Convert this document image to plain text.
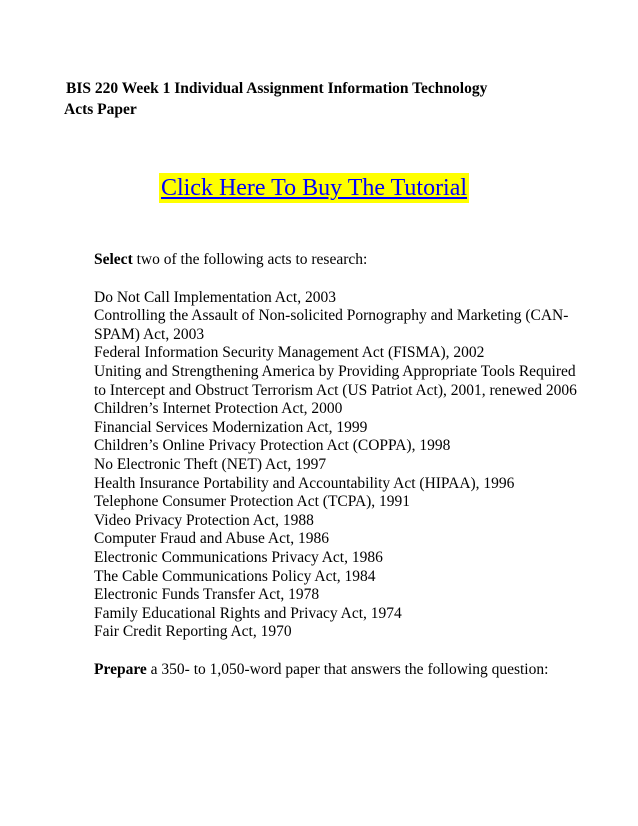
BIS 220 Week 1 Individual Assignment Information Technology
Acts Paper
Click Here To Buy The Tutorial

Select two of the following acts to research:

Do Not Call Implementation Act, 2003
Controlling the Assault of Non-solicited Pornography and Marketing (CAN-SPAM) Act, 2003
Federal Information Security Management Act (FISMA), 2002
Uniting and Strengthening America by Providing Appropriate Tools Required to Intercept and Obstruct Terrorism Act (US Patriot Act), 2001, renewed 2006
Children’s Internet Protection Act, 2000
Financial Services Modernization Act, 1999
Children’s Online Privacy Protection Act (COPPA), 1998
No Electronic Theft (NET) Act, 1997
Health Insurance Portability and Accountability Act (HIPAA), 1996
Telephone Consumer Protection Act (TCPA), 1991
Video Privacy Protection Act, 1988
Computer Fraud and Abuse Act, 1986
Electronic Communications Privacy Act, 1986
The Cable Communications Policy Act, 1984
Electronic Funds Transfer Act, 1978
Family Educational Rights and Privacy Act, 1974
Fair Credit Reporting Act, 1970

Prepare a 350- to 1,050-word paper that answers the following question:
